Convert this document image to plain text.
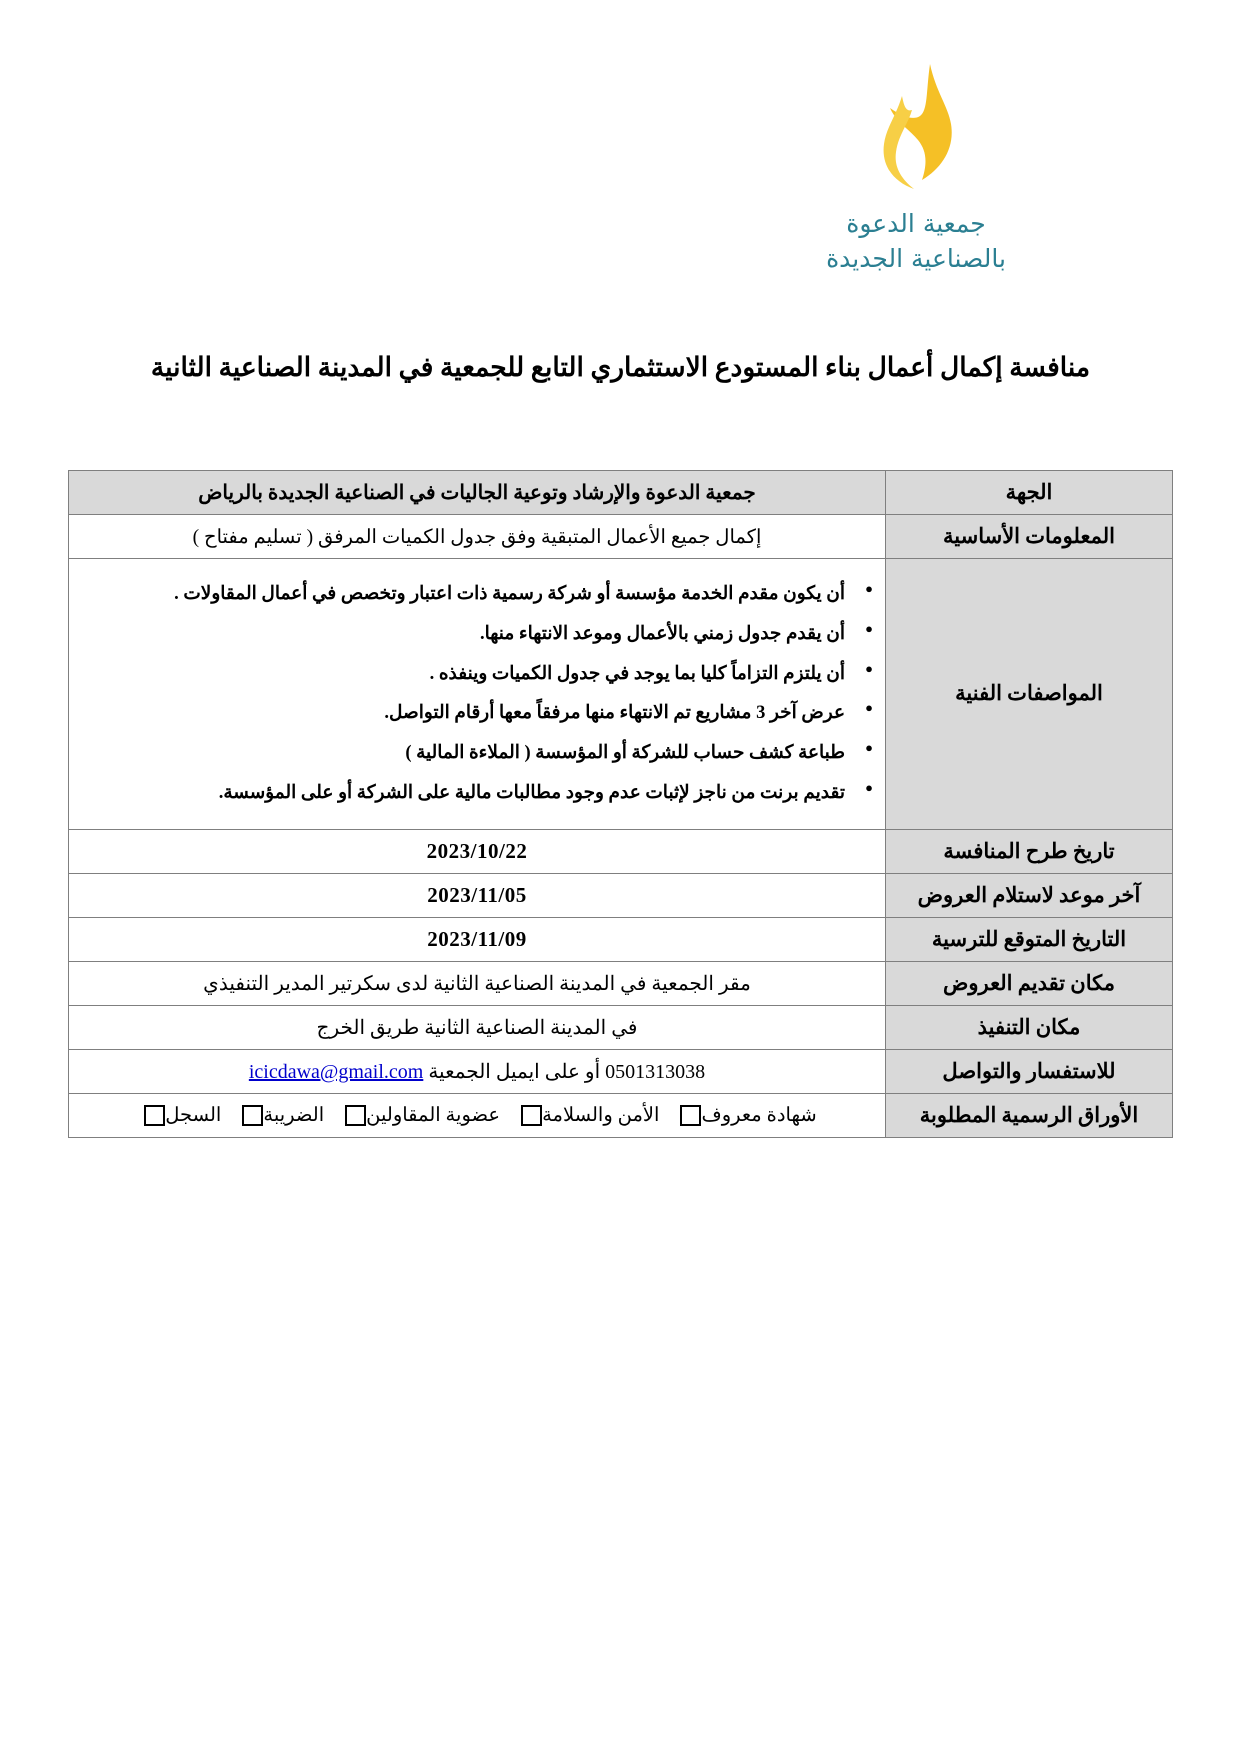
جمعية الدعوة
بالصناعية الجديدة
منافسة إكمال أعمال بناء المستودع الاستثماري التابع للجمعية في المدينة الصناعية الثانية
الجهة	جمعية الدعوة والإرشاد وتوعية الجاليات في الصناعية الجديدة بالرياض
المعلومات الأساسية	إكمال جميع الأعمال المتبقية وفق جدول الكميات المرفق ( تسليم مفتاح )
المواصفات الفنية	
● أن يكون مقدم الخدمة مؤسسة أو شركة رسمية ذات اعتبار وتخصص في أعمال المقاولات .
● أن يقدم جدول زمني بالأعمال وموعد الانتهاء منها.
● أن يلتزم التزاماً كليا بما يوجد في جدول الكميات وينفذه .
● عرض آخر 3 مشاريع تم الانتهاء منها مرفقاً معها أرقام التواصل.
● طباعة كشف حساب للشركة أو المؤسسة ( الملاءة المالية )
● تقديم برنت من ناجز لإثبات عدم وجود مطالبات مالية على الشركة أو على المؤسسة.

تاريخ طرح المنافسة	2023/10/22
آخر موعد لاستلام العروض	2023/11/05
التاريخ المتوقع للترسية	2023/11/09
مكان تقديم العروض	مقر الجمعية في المدينة الصناعية الثانية لدى سكرتير المدير التنفيذي
مكان التنفيذ	في المدينة الصناعية الثانية طريق الخرج
للاستفسار والتواصل	0501313038 أو على ايميل الجمعية icicdawa@gmail.com
الأوراق الرسمية المطلوبة	السجل الضريبة عضوية المقاولين الأمن والسلامة شهادة معروف
